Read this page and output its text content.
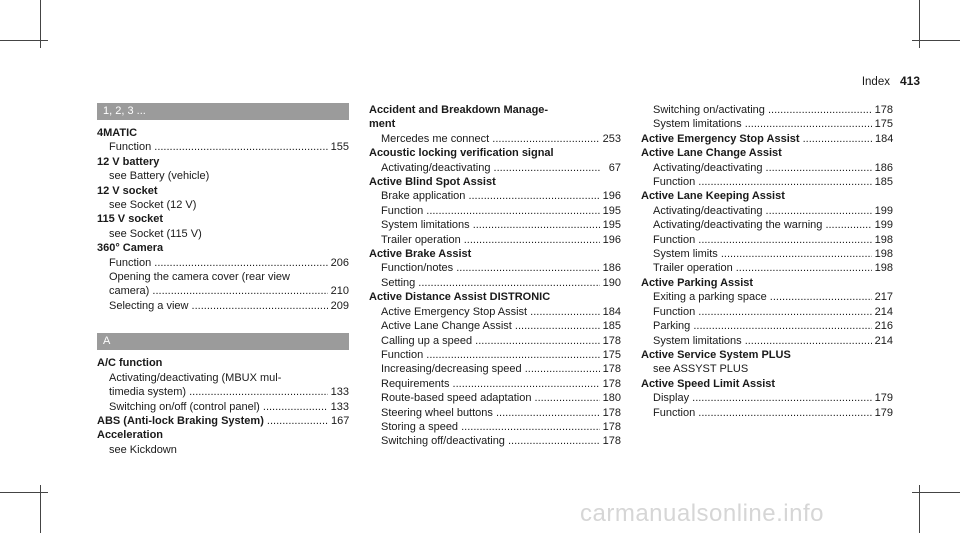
Index 413
1, 2, 3 ...
4MATIC
Function .....	155
12 V battery
see Battery (vehicle)
12 V socket
see Socket (12 V)
115 V socket
see Socket (115 V)
360° Camera
Function .....	206
Opening the camera cover (rear view
camera) .....	210
Selecting a view .....	209
A
A/C function
Activating/deactivating (MBUX mul-
timedia system) .....	133
Switching on/off (control panel) .....	133
ABS (Anti-lock Braking System) .....	167
Acceleration
see Kickdown
Accident and Breakdown Manage-
ment
Mercedes me connect .....	253
Acoustic locking verification signal
Activating/deactivating .....	67
Active Blind Spot Assist
Brake application .....	196
Function .....	195
System limitations .....	195
Trailer operation .....	196
Active Brake Assist
Function/notes .....	186
Setting .....	190
Active Distance Assist DISTRONIC
Active Emergency Stop Assist .....	184
Active Lane Change Assist .....	185
Calling up a speed .....	178
Function .....	175
Increasing/decreasing speed .....	178
Requirements .....	178
Route-based speed adaptation .....	180
Steering wheel buttons .....	178
Storing a speed .....	178
Switching off/deactivating .....	178
Switching on/activating .....	178
System limitations .....	175
Active Emergency Stop Assist .....	184
Active Lane Change Assist
Activating/deactivating .....	186
Function .....	185
Active Lane Keeping Assist
Activating/deactivating .....	199
Activating/deactivating the warning .....	199
Function .....	198
System limits .....	198
Trailer operation .....	198
Active Parking Assist
Exiting a parking space .....	217
Function .....	214
Parking .....	216
System limitations .....	214
Active Service System PLUS
see ASSYST PLUS
Active Speed Limit Assist
Display .....	179
Function .....	179
carmanualsonline.info
